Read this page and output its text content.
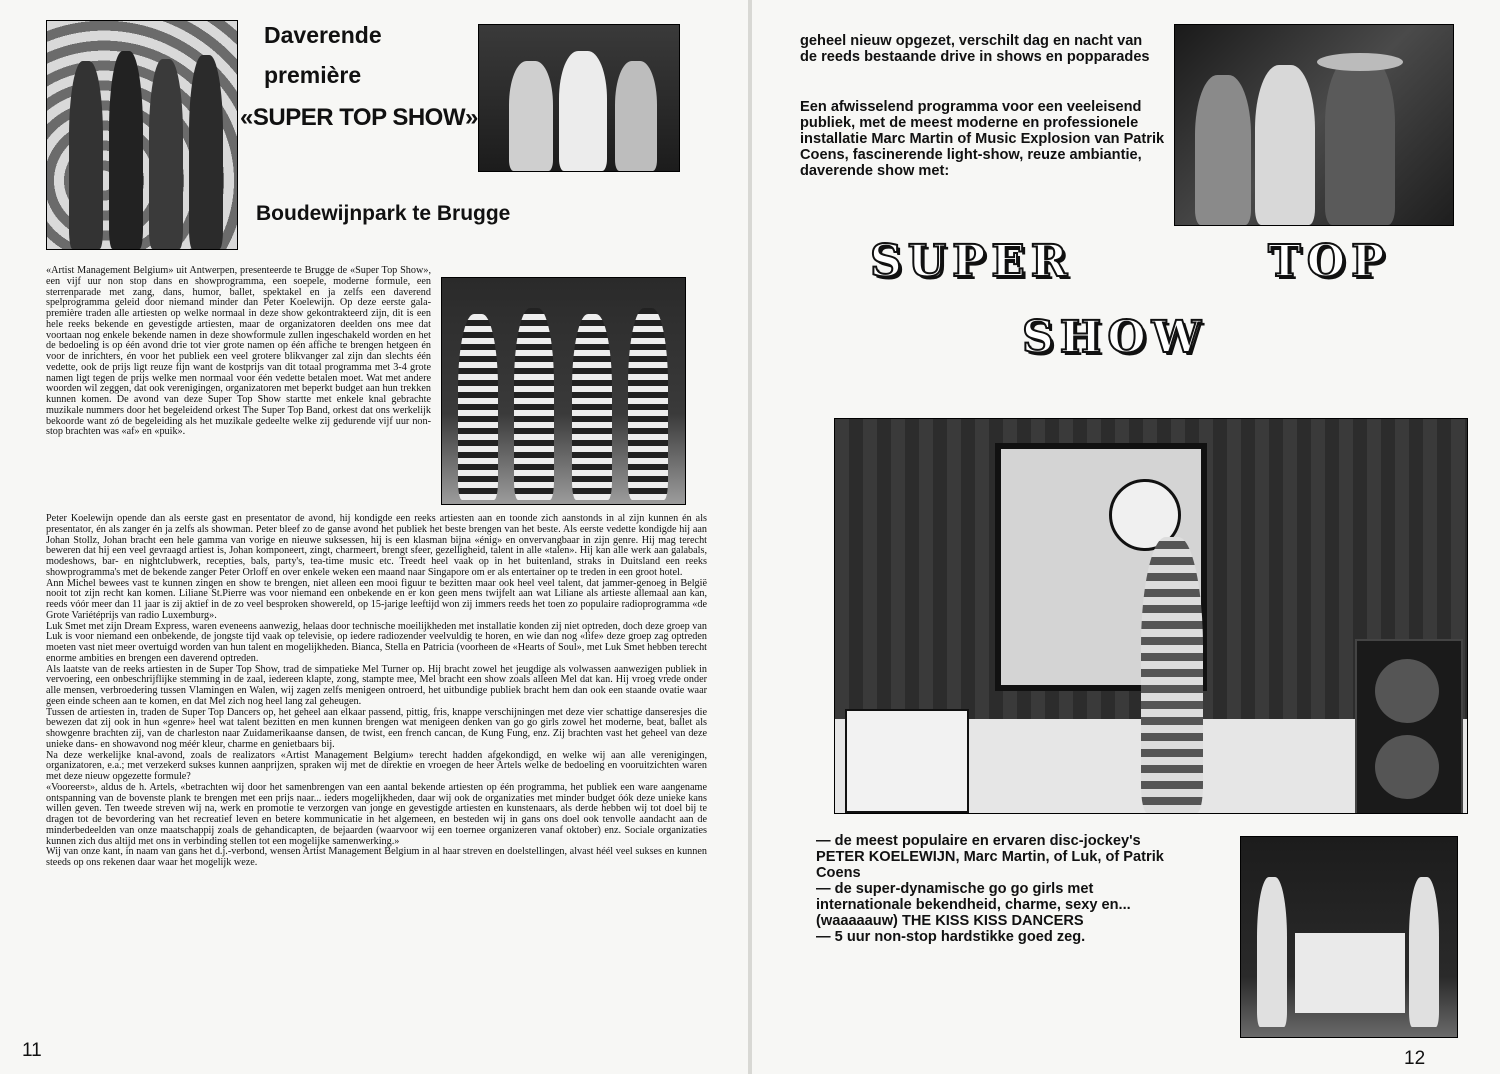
Daverende
première
«SUPER TOP SHOW»
Boudewijnpark te Brugge
«Artist Management Belgium» uit Antwerpen, presenteerde te Brugge de «Super Top Show», een vijf uur non stop dans en showprogramma, een soepele, moderne formule, een sterrenparade met zang, dans, humor, ballet, spektakel en ja zelfs een daverend spelprogramma geleid door niemand minder dan Peter Koelewijn. Op deze eerste gala-première traden alle artiesten op welke normaal in deze show gekontrakteerd zijn, dit is een hele reeks bekende en gevestigde artiesten, maar de organizatoren deelden ons mee dat voortaan nog enkele bekende namen in deze showformule zullen ingeschakeld worden en het de bedoeling is op één avond drie tot vier grote namen op één affiche te brengen hetgeen én voor de inrichters, én voor het publiek een veel grotere blikvanger zal zijn dan slechts één vedette, ook de prijs ligt reuze fijn want de kostprijs van dit totaal programma met 3-4 grote namen ligt tegen de prijs welke men normaal voor één vedette betalen moet. Wat met andere woorden wil zeggen, dat ook verenigingen, organizatoren met beperkt budget aan hun trekken kunnen komen. De avond van deze Super Top Show startte met enkele knal gebrachte muzikale nummers door het begeleidend orkest The Super Top Band, orkest dat ons werkelijk bekoorde want zó de begeleiding als het muzikale gedeelte welke zij gedurende vijf uur non- stop brachten was «af» en «puik».

Peter Koelewijn opende dan als eerste gast en presentator de avond, hij kondigde een reeks artiesten aan en toonde zich aanstonds in al zijn kunnen én als presentator, én als zanger én ja zelfs als showman. Peter bleef zo de ganse avond het publiek het beste brengen van het beste. Als eerste vedette kondigde hij aan Johan Stollz, Johan bracht een hele gamma van vorige en nieuwe suksessen, hij is een klasman bijna «énig» en onvervangbaar in zijn genre. Hij mag terecht beweren dat hij een veel gevraagd artiest is, Johan komponeert, zingt, charmeert, brengt sfeer, gezelligheid, talent in alle «talen». Hij kan alle werk aan galabals, modeshows, bar- en nightclubwerk, recepties, bals, party's, tea-time music etc. Treedt heel vaak op in het buitenland, straks in Duitsland een reeks showprogramma's met de bekende zanger Peter Orloff en over enkele weken een maand naar Singapore om er als entertainer op te treden in een groot hotel.

Ann Michel bewees vast te kunnen zingen en show te brengen, niet alleen een mooi figuur te bezitten maar ook heel veel talent, dat jammer-genoeg in België nooit tot zijn recht kan komen. Liliane St.Pierre was voor niemand een onbekende en er kon geen mens twijfelt aan wat Liliane als artieste allemaal aan kan, reeds vóór meer dan 11 jaar is zij aktief in de zo veel besproken showereld, op 15-jarige leeftijd won zij immers reeds het toen zo populaire radioprogramma «de Grote Variétéprijs van radio Luxemburg».

Luk Smet met zijn Dream Express, waren eveneens aanwezig, helaas door technische moeilijkheden met installatie konden zij niet optreden, doch deze groep van Luk is voor niemand een onbekende, de jongste tijd vaak op televisie, op iedere radiozender veelvuldig te horen, en wie dan nog «life» deze groep zag optreden moeten vast niet meer overtuigd worden van hun talent en mogelijkheden. Bianca, Stella en Patricia (voorheen de «Hearts of Soul», met Luk Smet hebben terecht enorme ambities en brengen een daverend optreden.

Als laatste van de reeks artiesten in de Super Top Show, trad de simpatieke Mel Turner op. Hij bracht zowel het jeugdige als volwassen aanwezigen publiek in vervoering, een onbeschrijflijke stemming in de zaal, iedereen klapte, zong, stampte mee, Mel bracht een show zoals alleen Mel dat kan. Hij vroeg vrede onder alle mensen, verbroedering tussen Vlamingen en Walen, wij zagen zelfs menigeen ontroerd, het uitbundige publiek bracht hem dan ook een staande ovatie waar geen einde scheen aan te komen, en dat Mel zich nog heel lang zal geheugen.

Tussen de artiesten in, traden de Super Top Dancers op, het geheel aan elkaar passend, pittig, fris, knappe verschijningen met deze vier schattige danseresjes die bewezen dat zij ook in hun «genre» heel wat talent bezitten en men kunnen brengen wat menigeen denken van go go girls zowel het moderne, beat, ballet als showgenre brachten zij, van de charleston naar Zuidamerikaanse dansen, de twist, een french cancan, de Kung Fung, enz. Zij brachten vast het geheel van deze unieke dans- en showavond nog méér kleur, charme en genietbaars bij.

Na deze werkelijke knal-avond, zoals de realizators «Artist Management Belgium» terecht hadden afgekondigd, en welke wij aan alle verenigingen, organizatoren, e.a.; met verzekerd sukses kunnen aanprijzen, spraken wij met de direktie en vroegen de heer Artels welke de bedoeling en vooruitzichten waren met deze nieuw opgezette formule?

«Vooreerst», aldus de h. Artels, «betrachten wij door het samenbrengen van een aantal bekende artiesten op één programma, het publiek een ware aangename ontspanning van de bovenste plank te brengen met een prijs naar... ieders mogelijkheden, daar wij ook de organizaties met minder budget óók deze unieke kans willen geven. Ten tweede streven wij na, werk en promotie te verzorgen van jonge en gevestigde artiesten en kunstenaars, als derde hebben wij tot doel bij te dragen tot de bevordering van het recreatief leven en betere kommunicatie in het algemeen, en besteden wij in gans ons doel ook tenvolle aandacht aan de minderbedeelden van onze maatschappij zoals de gehandicapten, de bejaarden (waarvoor wij een toernee organizeren vanaf oktober) enz. Sociale organizaties kunnen zich dus altijd met ons in verbinding stellen tot een mogelijke samenwerking.»

Wij van onze kant, in naam van gans het d.j.-verbond, wensen Artist Management Belgium in al haar streven en doelstellingen, alvast héél veel sukses en kunnen steeds op ons rekenen daar waar het mogelijk weze.

11

geheel nieuw opgezet, verschilt dag en nacht van de reeds bestaande drive in shows en popparades

Een afwisselend programma voor een veeleisend publiek, met de meest moderne en professionele installatie Marc Martin of Music Explosion van Patrik Coens, fascinerende light-show, reuze ambiantie, daverende show met:

SUPER	TOP
SHOW

— de meest populaire en ervaren disc-jockey's PETER KOELEWIJN, Marc Martin, of Luk, of Patrik Coens

— de super-dynamische go go girls met internationale bekendheid, charme, sexy en... (waaaaauw) THE KISS KISS DANCERS

— 5 uur non-stop hardstikke goed zeg.

12
